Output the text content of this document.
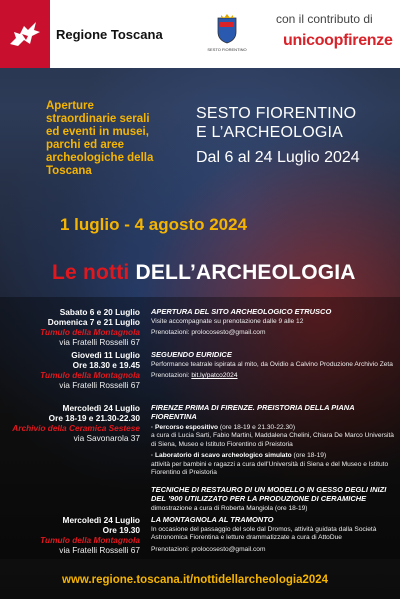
Regione Toscana
SESTO FIORENTINO
con il contributo di
unicoopfirenze
Aperture straordinarie serali ed eventi in musei, parchi ed aree archeologiche della Toscana
SESTO FIORENTINO
E L’ARCHEOLOGIA
Dal 6 al 24 Luglio 2024
1 luglio - 4 agosto 2024
Le notti DELL’ARCHEOLOGIA
Sabato 6 e 20 Luglio
Domenica 7 e 21 Luglio
Tumulo della Montagnola
via Fratelli Rosselli 67
APERTURA DEL SITO ARCHEOLOGICO ETRUSCO
Visite accompagnate su prenotazione dalle 9 alle 12
Prenotazioni: prolocosesto@gmail.com
Giovedì 11 Luglio
Ore 18.30 e 19.45
Tumulo della Montagnola
via Fratelli Rosselli 67
SEGUENDO EURIDICE
Performance teatrale ispirata al mito, da Ovidio a Calvino Produzione Archivio Zeta
Prenotazioni: bit.ly/patco2024
Mercoledì 24 Luglio
Ore 18-19 e 21.30-22.30
Archivio della Ceramica Sestese
via Savonarola 37
FIRENZE PRIMA DI FIRENZE. PREISTORIA DELLA PIANA FIORENTINA
· Percorso espositivo (ore 18-19 e 21.30-22.30)
a cura di Lucia Sarti, Fabio Martini, Maddalena Chelini, Chiara De Marco Università di Siena, Museo e Istituto Fiorentino di Preistoria
· Laboratorio di scavo archeologico simulato (ore 18-19)
attività per bambini e ragazzi a cura dell’Università di Siena e del Museo e Istituto Fiorentino di Preistoria
TECNICHE DI RESTAURO DI UN MODELLO IN GESSO DEGLI INIZI DEL ’900 UTILIZZATO PER LA PRODUZIONE DI CERAMICHE
dimostrazione a cura di Roberta Mangiola (ore 18-19)
Mercoledì 24 Luglio
Ore 19.30
Tumulo della Montagnola
via Fratelli Rosselli 67
LA MONTAGNOLA AL TRAMONTO
In occasione del passaggio del sole dal Dromos, attività guidata dalla Società Astronomica Fiorentina e letture drammatizzate a cura di AttoDue
Prenotazioni: prolocosesto@gmail.com
www.regione.toscana.it/nottidellarcheologia2024
